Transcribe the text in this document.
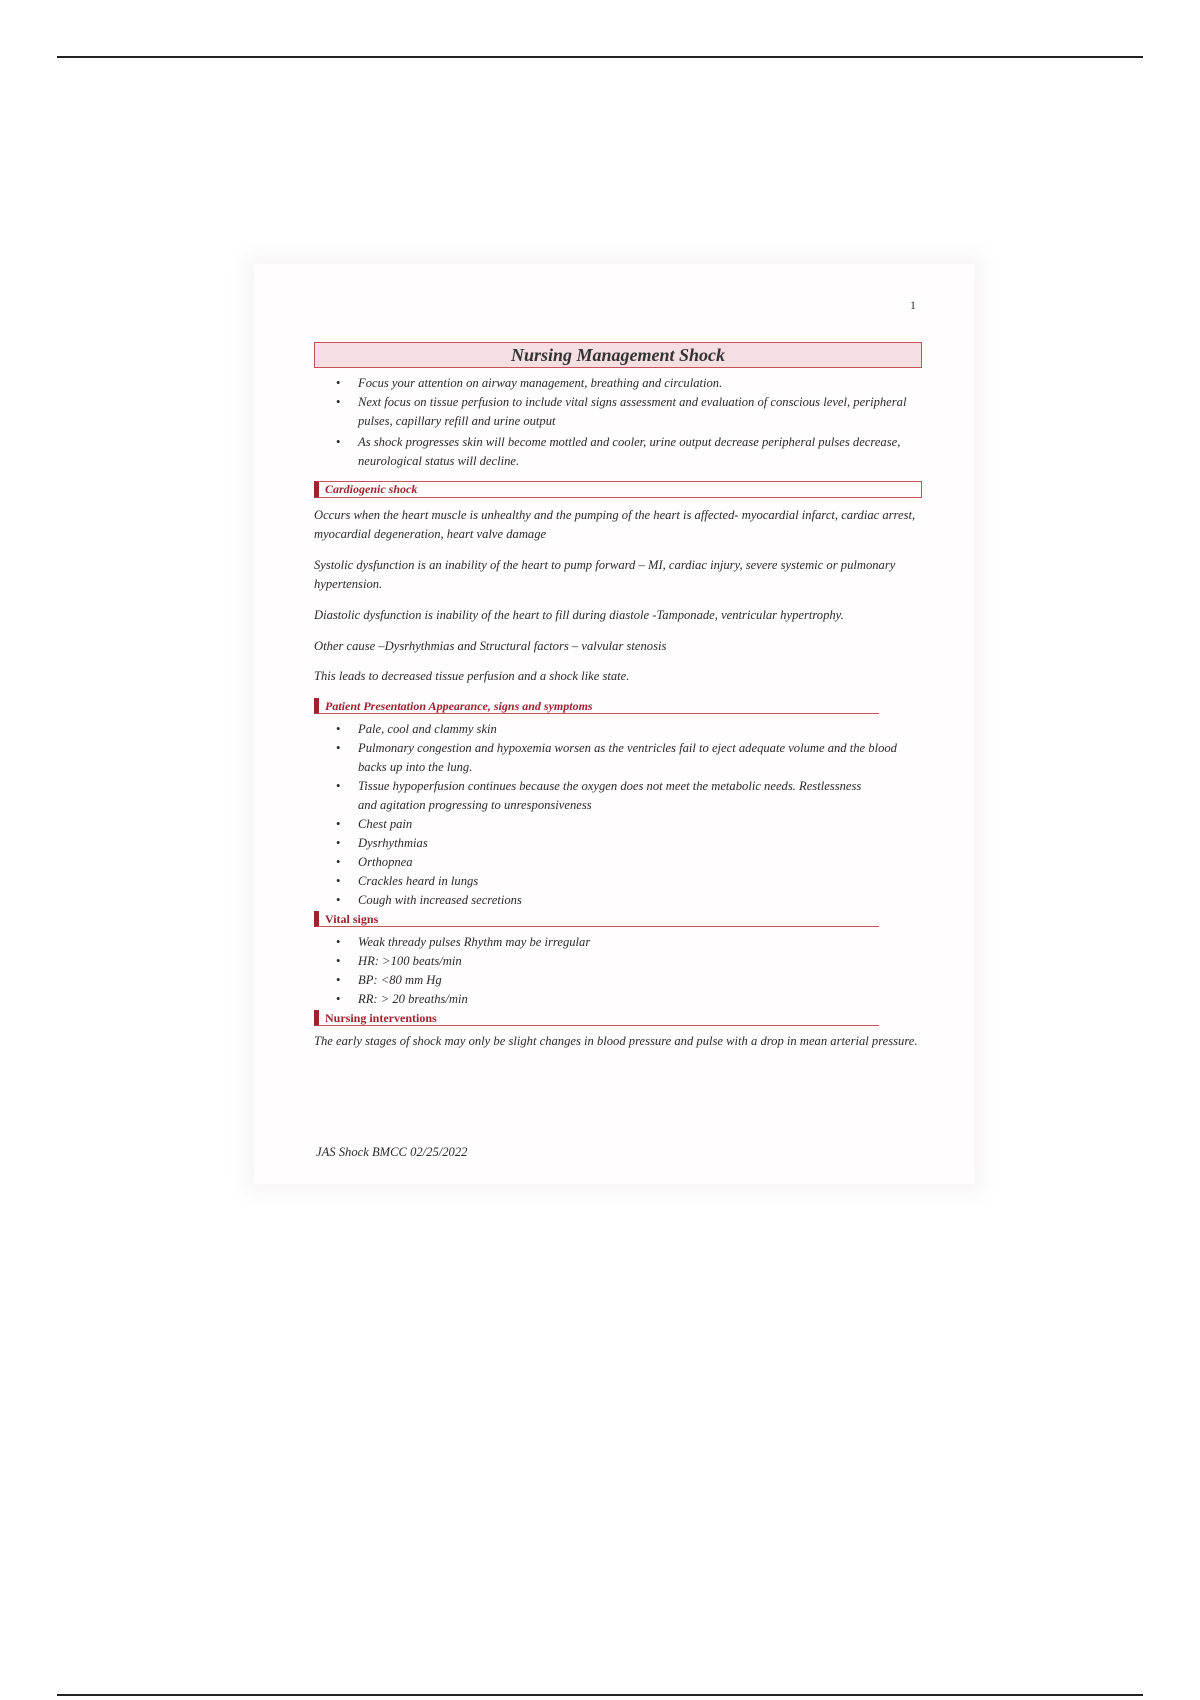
1
Nursing Management Shock
• Focus your attention on airway management, breathing and circulation.
• Next focus on tissue perfusion to include vital signs assessment and evaluation of conscious level, peripheral pulses, capillary refill and urine output
• As shock progresses skin will become mottled and cooler, urine output decrease peripheral pulses decrease, neurological status will decline.
Cardiogenic shock

Occurs when the heart muscle is unhealthy and the pumping of the heart is affected- myocardial infarct, cardiac arrest, myocardial degeneration, heart valve damage

Systolic dysfunction is an inability of the heart to pump forward – MI, cardiac injury, severe systemic or pulmonary hypertension.

Diastolic dysfunction is inability of the heart to fill during diastole -Tamponade, ventricular hypertrophy.

Other cause –Dysrhythmias and Structural factors – valvular stenosis

This leads to decreased tissue perfusion and a shock like state.

Patient Presentation Appearance, signs and symptoms
• Pale, cool and clammy skin
• Pulmonary congestion and hypoxemia worsen as the ventricles fail to eject adequate volume and the blood backs up into the lung.
• Tissue hypoperfusion continues because the oxygen does not meet the metabolic needs. Restlessness and agitation progressing to unresponsiveness
• Chest pain
• Dysrhythmias
• Orthopnea
• Crackles heard in lungs
• Cough with increased secretions
Vital signs
• Weak thready pulses Rhythm may be irregular
• HR: >100 beats/min
• BP: <80 mm Hg
• RR: > 20 breaths/min
Nursing interventions

The early stages of shock may only be slight changes in blood pressure and pulse with a drop in mean arterial pressure.

JAS Shock BMCC 02/25/2022
